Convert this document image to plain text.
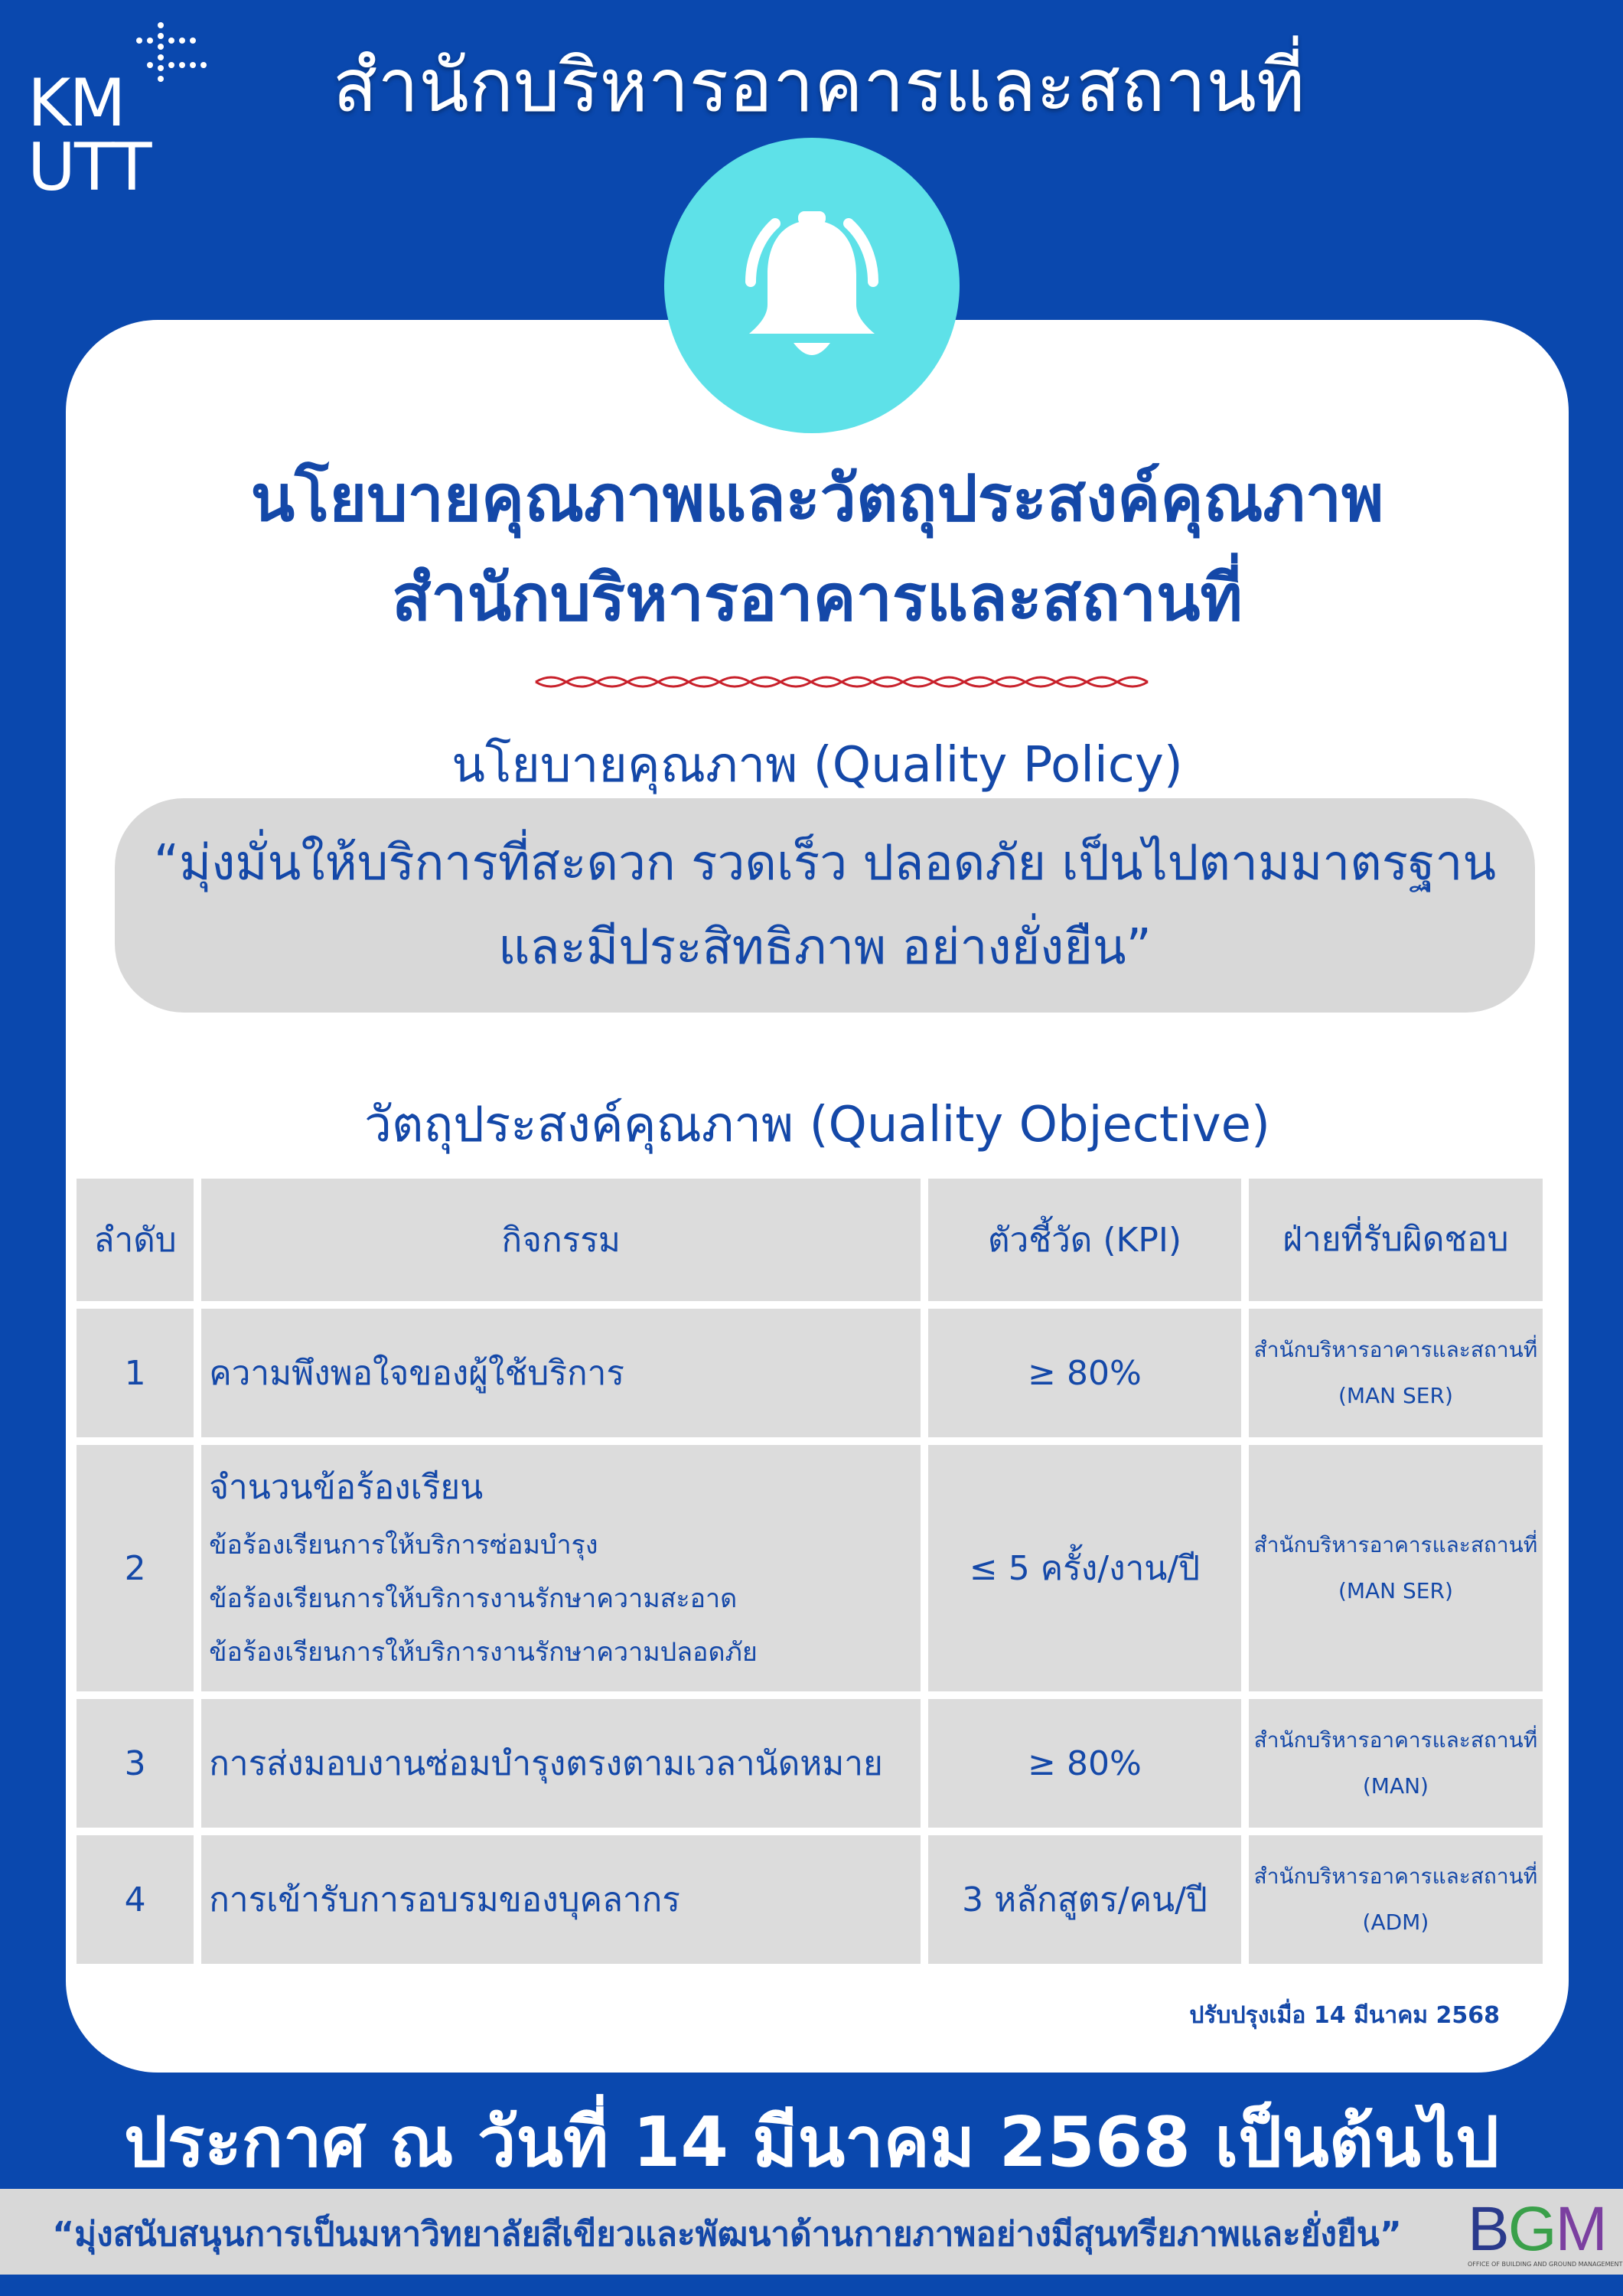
KM
UTT
สำนักบริหารอาคารและสถานที่
นโยบายคุณภาพและวัตถุประสงค์คุณภาพ
สำนักบริหารอาคารและสถานที่
นโยบายคุณภาพ (Quality Policy)
“มุ่งมั่นให้บริการที่สะดวก รวดเร็ว ปลอดภัย เป็นไปตามมาตรฐาน
และมีประสิทธิภาพ อย่างยั่งยืน”
วัตถุประสงค์คุณภาพ (Quality Objective)
ลำดับ	กิจกรรม	ตัวชี้วัด (KPI)	ฝ่ายที่รับผิดชอบ
1	ความพึงพอใจของผู้ใช้บริการ	≥ 80%	สำนักบริหารอาคารและสถานที่
(MAN SER)
2	จำนวนข้อร้องเรียน
ข้อร้องเรียนการให้บริการซ่อมบำรุง
ข้อร้องเรียนการให้บริการงานรักษาความสะอาด
ข้อร้องเรียนการให้บริการงานรักษาความปลอดภัย	≤ 5 ครั้ง/งาน/ปี	สำนักบริหารอาคารและสถานที่
(MAN SER)
3	การส่งมอบงานซ่อมบำรุงตรงตามเวลานัดหมาย	≥ 80%	สำนักบริหารอาคารและสถานที่
(MAN)
4	การเข้ารับการอบรมของบุคลากร	3 หลักสูตร/คน/ปี	สำนักบริหารอาคารและสถานที่
(ADM)
ปรับปรุงเมื่อ 14 มีนาคม 2568
ประกาศ ณ วันที่ 14 มีนาคม 2568 เป็นต้นไป
“มุ่งสนับสนุนการเป็นมหาวิทยาลัยสีเขียวและพัฒนาด้านกายภาพอย่างมีสุนทรียภาพและยั่งยืน”	BGM
OFFICE OF BUILDING AND GROUND MANAGEMENT
